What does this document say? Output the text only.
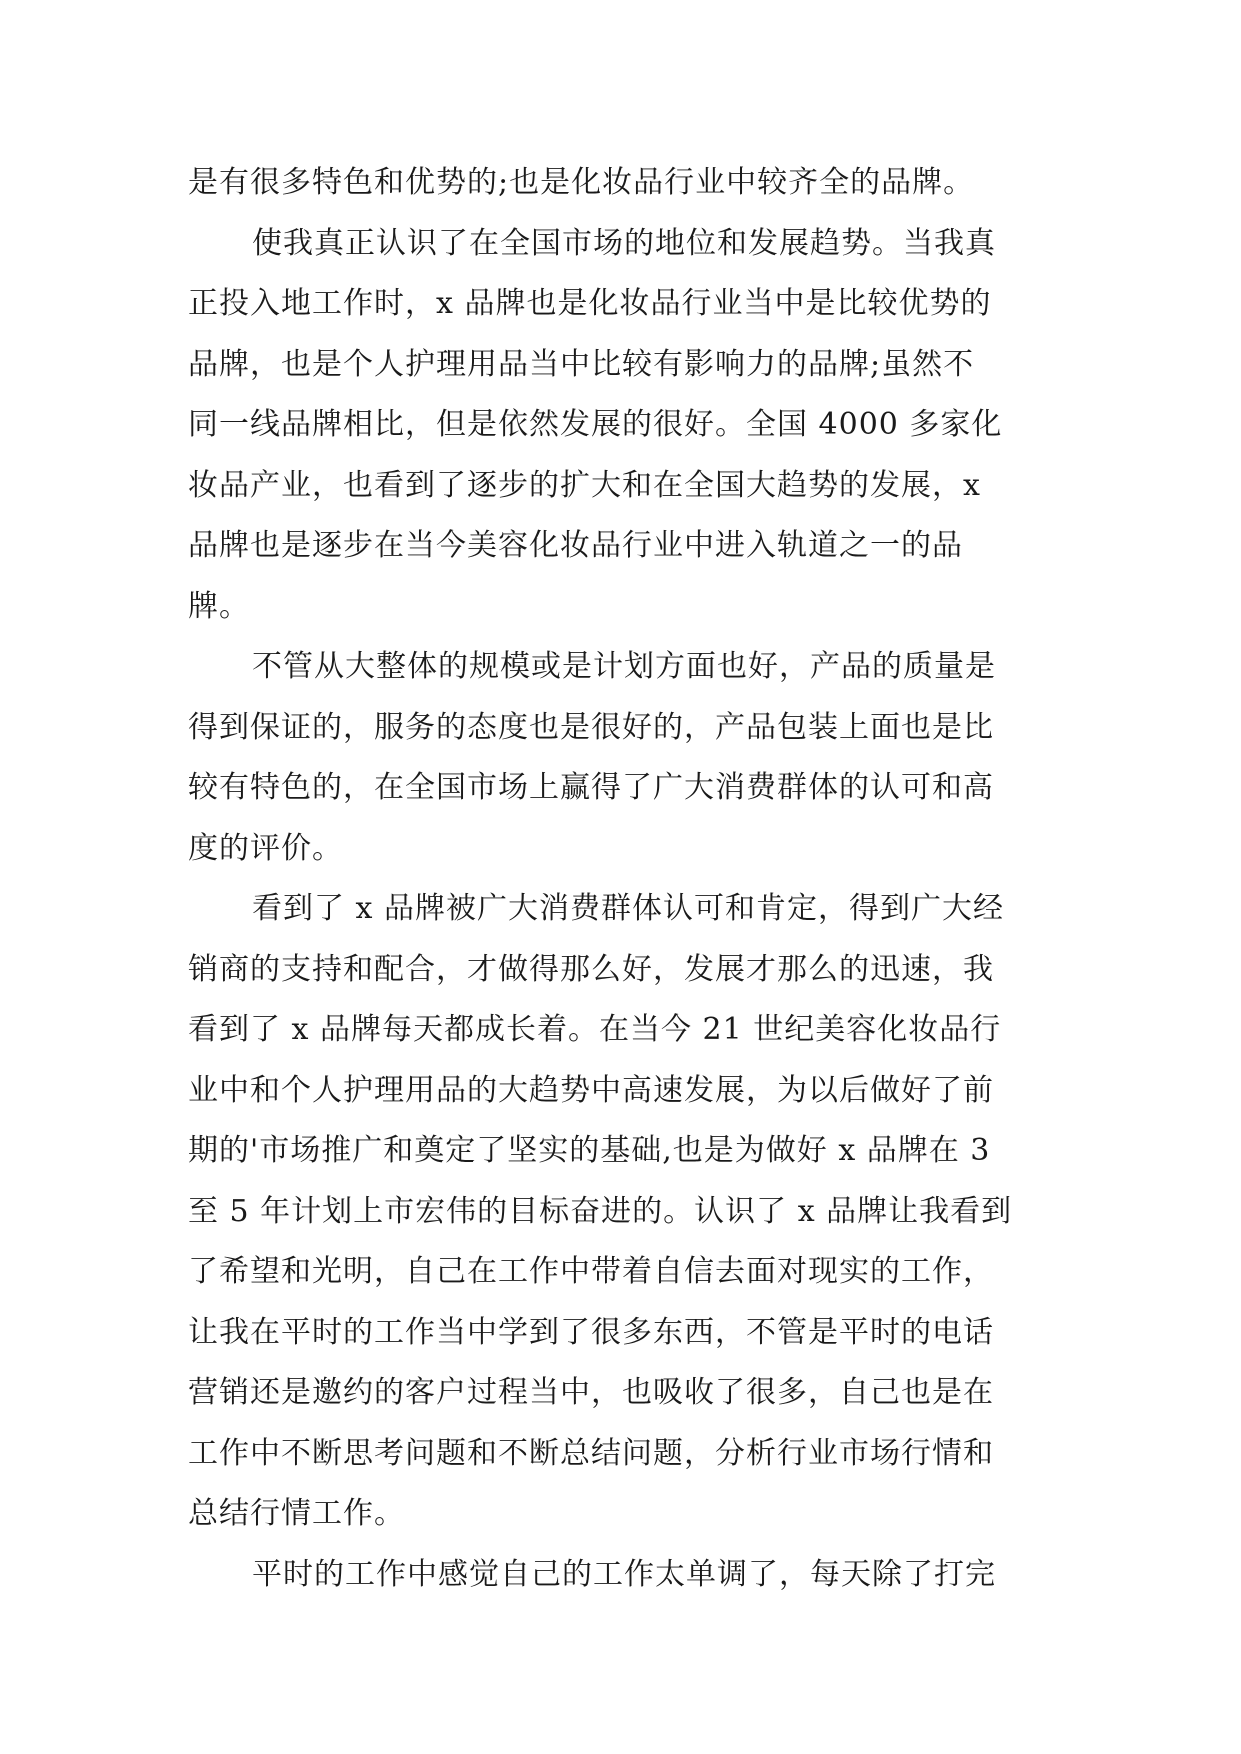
是有很多特色和优势的;也是化妆品行业中较齐全的品牌。
使我真正认识了在全国市场的地位和发展趋势。当我真
正投入地工作时，x 品牌也是化妆品行业当中是比较优势的
品牌，也是个人护理用品当中比较有影响力的品牌;虽然不
同一线品牌相比，但是依然发展的很好。全国 4000 多家化
妆品产业，也看到了逐步的扩大和在全国大趋势的发展，x
品牌也是逐步在当今美容化妆品行业中进入轨道之一的品
牌。
不管从大整体的规模或是计划方面也好，产品的质量是
得到保证的，服务的态度也是很好的，产品包装上面也是比
较有特色的，在全国市场上赢得了广大消费群体的认可和高
度的评价。
看到了 x 品牌被广大消费群体认可和肯定，得到广大经
销商的支持和配合，才做得那么好，发展才那么的迅速，我
看到了 x 品牌每天都成长着。在当今 21 世纪美容化妆品行
业中和个人护理用品的大趋势中高速发展，为以后做好了前
期的'市场推广和奠定了坚实的基础,也是为做好 x 品牌在 3
至 5 年计划上市宏伟的目标奋进的。认识了 x 品牌让我看到
了希望和光明，自己在工作中带着自信去面对现实的工作，
让我在平时的工作当中学到了很多东西，不管是平时的电话
营销还是邀约的客户过程当中，也吸收了很多，自己也是在
工作中不断思考问题和不断总结问题，分析行业市场行情和
总结行情工作。
平时的工作中感觉自己的工作太单调了，每天除了打完
